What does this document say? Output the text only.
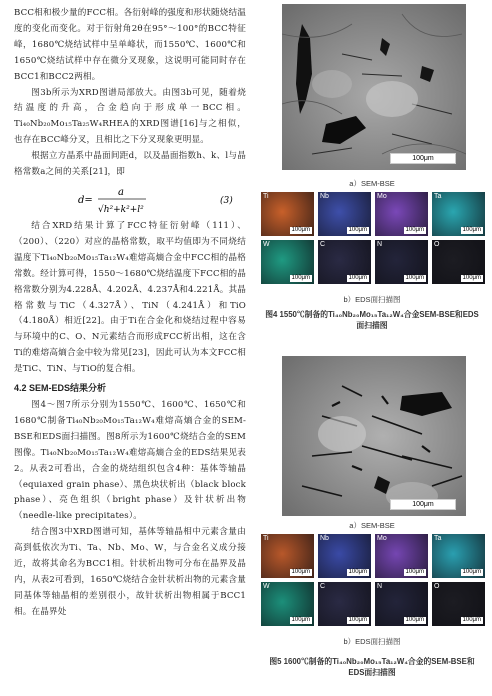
BCC相和极少量的FCC相。各衍射峰的强度和形状随烧结温度的变化而变化。对于衍射角2θ在95°～100°的BCC特征峰，1680℃烧结试样中呈单峰状，而1550℃、1600℃和1650℃烧结试样中存在微分叉现象，这说明可能同时存在BCC1和BCC2两相。

图3b所示为XRD图谱局部放大。由图3b可见，随着烧结温度的升高，合金趋向于形成单一BCC相。Ti₄₀Nb₂₀Mo₁₅Ta₂₅W₄RHEA的XRD图谱[16]与之相似，也存在BCC峰分叉，且相比之下分叉现象更明显。

根据立方晶系中晶面间距d，以及晶面指数h、k、l与晶格常数a之间的关系[21]，即

d=
a
√h²+k²+l²
(3)

结合XRD结果计算了FCC特征衍射峰（111）、（200）、（220）对应的晶格常数，取平均值即为不同烧结温度下Ti₄₀Nb₂₀Mo₁₅Ta₁₂W₄难熔高熵合金中FCC相的晶格常数。经计算可得，1550～1680℃烧结温度下FCC相的晶格常数分别为4.228Å、4.202Å、4.237Å和4.221Å。其晶格常数与TiC（4.327Å）、TiN（4.241Å）和TiO（4.180Å）相近[22]。由于Ti在合金化和烧结过程中容易与环境中的C、O、N元素结合而形成FCC析出相，这在含Ti的难熔高熵合金中较为常见[23]，因此可认为本文FCC相是TiC、TiN、与TiO的复合相。

4.2 SEM-EDS结果分析

图4～图7所示分别为1550℃、1600℃、1650℃和1680℃制备Ti₄₀Nb₂₀Mo₁₅Ta₁₂W₄难熔高熵合金的SEM-BSE和EDS面扫描图。图8所示为1600℃烧结合金的SEM图像。Ti₄₀Nb₂₀Mo₁₅Ta₁₂W₄难熔高熵合金的EDS结果见表2。从表2可看出，合金的烧结组织包含4种：基体等轴晶（equiaxed grain phase）、黑色块状析出（black block phase）、亮色组织（bright phase）及针状析出物（needle-like precipitates）。

结合图3中XRD图谱可知，基体等轴晶相中元素含量由高到低依次为Ti、Ta、Nb、Mo、W，与合金名义成分接近，故将其命名为BCC1相。针状析出物可分布在晶界及晶内，从表2可看到，1650℃烧结合金针状析出物的元素含量同基体等轴晶相的差别很小，故针状析出物相属于BCC1相。在晶界处

100μm
a）SEM-BSE
Ti
100μm
Nb
100μm
Mo
100μm
Ta
100μm
W
100μm
C
100μm
N
100μm
O
100μm
b）EDS面扫描图
图4 1550℃制备的Ti₄₀Nb₂₀Mo₁₅Ta₁₂W₄合金SEM-BSE和EDS
面扫描图
100μm
a）SEM-BSE
Ti
100μm
Nb
100μm
Mo
100μm
Ta
100μm
W
100μm
C
100μm
N
100μm
O
100μm
b）EDS面扫描图
图5 1600℃制备的Ti₄₀Nb₂₀Mo₁₅Ta₁₂W₄合金的SEM-BSE和
EDS面扫描图
